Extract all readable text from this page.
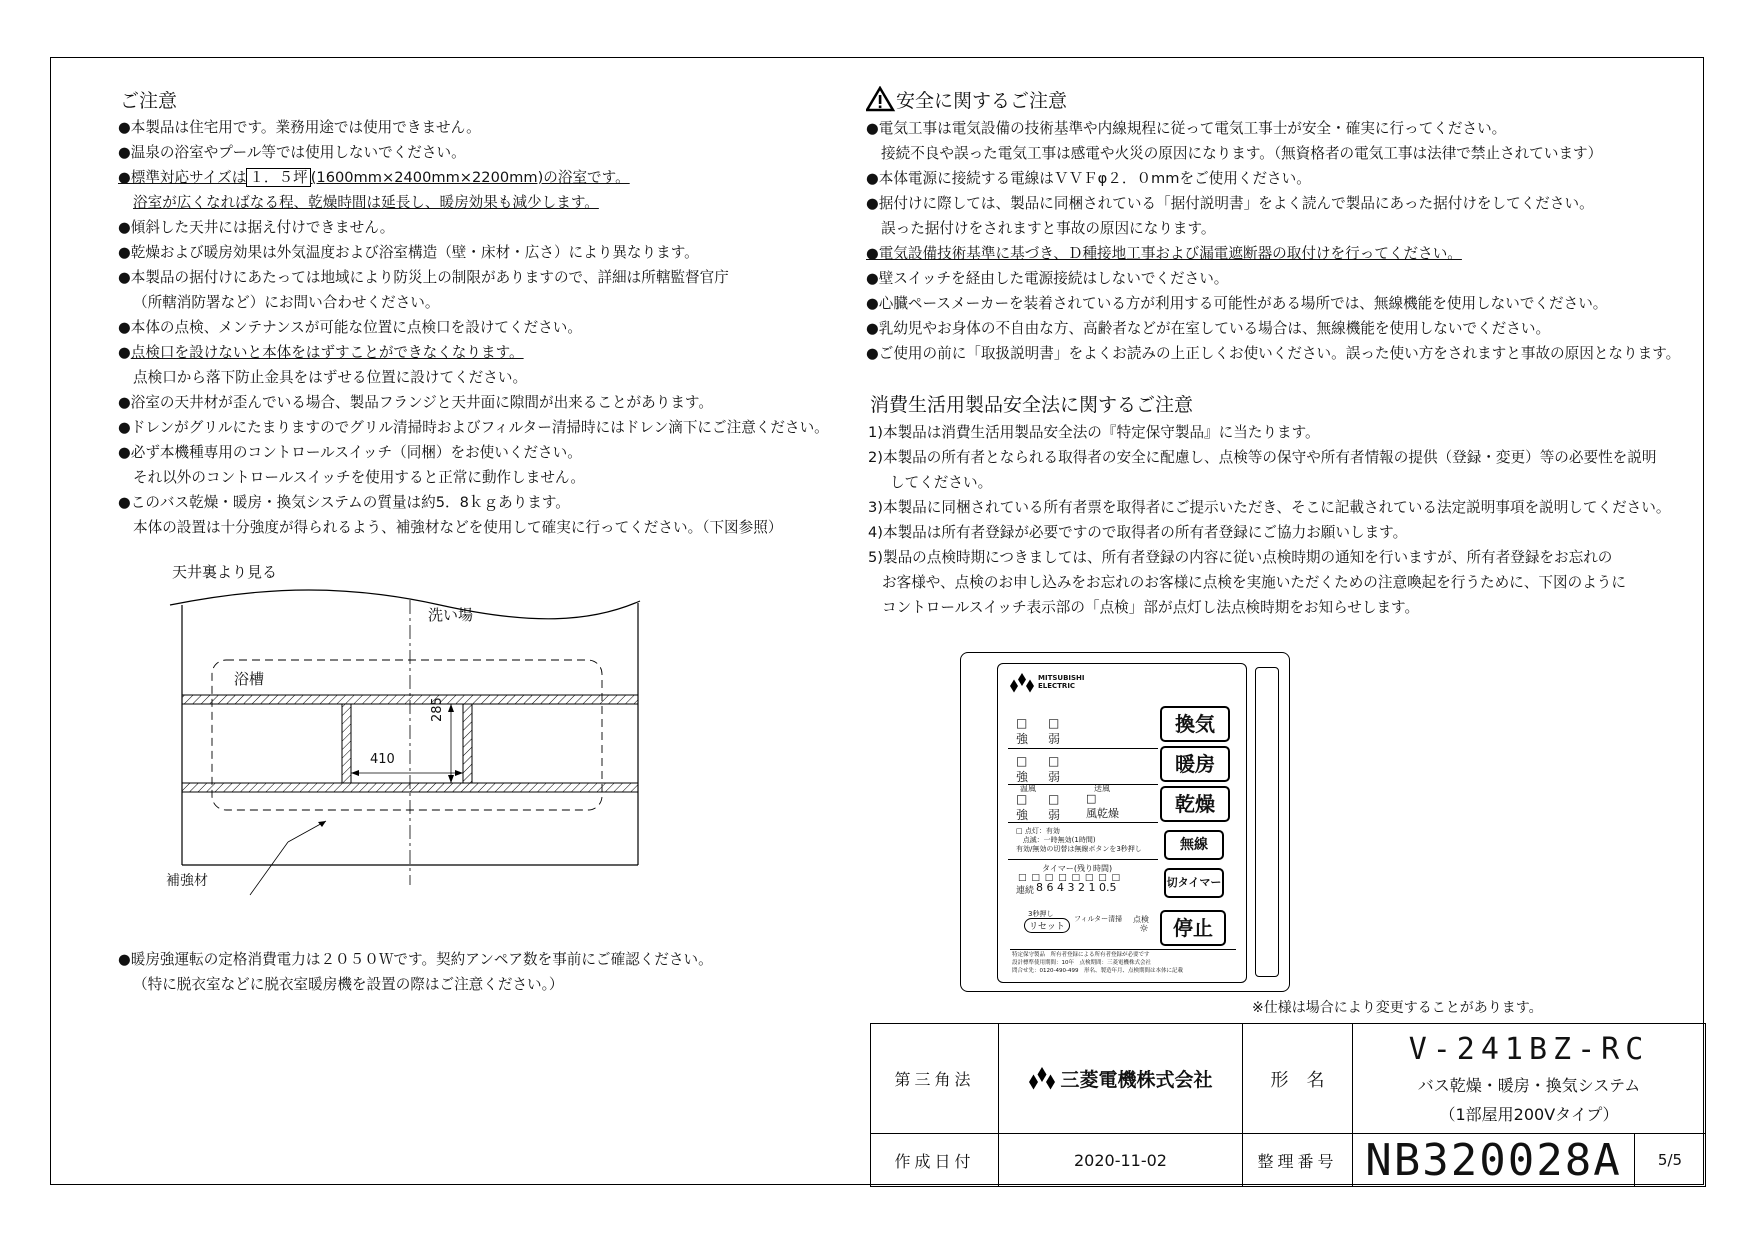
ご注意
●本製品は住宅用です。業務用途では使用できません。
●温泉の浴室やプール等では使用しないでください。
●標準対応サイズは １．５坪 (1600mm×2400mm×2200mm)の浴室です。
浴室が広くなればなる程、乾燥時間は延長し、暖房効果も減少します。
●傾斜した天井には据え付けできません。
●乾燥および暖房効果は外気温度および浴室構造（壁・床材・広さ）により異なります。
●本製品の据付けにあたっては地域により防災上の制限がありますので、詳細は所轄監督官庁
（所轄消防署など）にお問い合わせください。
●本体の点検、メンテナンスが可能な位置に点検口を設けてください。
●点検口を設けないと本体をはずすことができなくなります。
点検口から落下防止金具をはずせる位置に設けてください。
●浴室の天井材が歪んでいる場合、製品フランジと天井面に隙間が出来ることがあります。
●ドレンがグリルにたまりますのでグリル清掃時およびフィルター清掃時にはドレン滴下にご注意ください。
●必ず本機種専用のコントロールスイッチ（同梱）をお使いください。
それ以外のコントロールスイッチを使用すると正常に動作しません。
●このバス乾燥・暖房・換気システムの質量は約5．8ｋｇあります。
本体の設置は十分強度が得られるよう、補強材などを使用して確実に行ってください。（下図参照）
天井裏より見る
洗い場
浴槽
410
285
補強材
●暖房強運転の定格消費電力は２０５０Ｗです。契約アンペア数を事前にご確認ください。
（特に脱衣室などに脱衣室暖房機を設置の際はご注意ください。）
安全に関するご注意
●電気工事は電気設備の技術基準や内線規程に従って電気工事士が安全・確実に行ってください。
接続不良や誤った電気工事は感電や火災の原因になります。（無資格者の電気工事は法律で禁止されています）
●本体電源に接続する電線はＶＶＦφ２．０mmをご使用ください。
●据付けに際しては、製品に同梱されている「据付説明書」をよく読んで製品にあった据付けをしてください。
誤った据付けをされますと事故の原因になります。
●電気設備技術基準に基づき、Ｄ種接地工事および漏電遮断器の取付けを行ってください。
●壁スイッチを経由した電源接続はしないでください。
●心臓ペースメーカーを装着されている方が利用する可能性がある場所では、無線機能を使用しないでください。
●乳幼児やお身体の不自由な方、高齢者などが在室している場合は、無線機能を使用しないでください。
●ご使用の前に「取扱説明書」をよくお読みの上正しくお使いください。誤った使い方をされますと事故の原因となります。
消費生活用製品安全法に関するご注意
1)本製品は消費生活用製品安全法の『特定保守製品』に当たります。
2)本製品の所有者となられる取得者の安全に配慮し、点検等の保守や所有者情報の提供（登録・変更）等の必要性を説明
してください。
3)本製品に同梱されている所有者票を取得者にご提示いただき、そこに記載されている法定説明事項を説明してください。
4)本製品は所有者登録が必要ですので取得者の所有者登録にご協力お願いします。
5)製品の点検時期につきましては、所有者登録の内容に従い点検時期の通知を行いますが、所有者登録をお忘れの
お客様や、点検のお申し込みをお忘れのお客様に点検を実施いただくための注意喚起を行うために、下図のように
コントロールスイッチ表示部の「点検」部が点灯し法点検時期をお知らせします。
MITSUBISHI ELECTRIC
□
強
□
弱
□
強
□
弱
温風	送風
□
強
□
弱
□
風乾燥
□ 点灯：有効
点滅：一時無効(1時間)
有効/無効の切替は無線ボタンを3秒押し
タイマー(残り時間)
□ □ □ □ □ □ □ □
連続 8 6 4 3 2 1 0.5
3秒押し
リセット
フィルター清掃 点検
☼
換気
暖房
乾燥
無線
切タイマー
停止
特定保守製品　所有者登録による所有者登録が必要です
設計標準使用期間：10年　点検期間：三菱電機株式会社
問合せ先：0120-490-499　形名、製造年月、点検期間は本体に記載
※仕様は場合により変更することがあります。
第三角法	三菱電機株式会社	形　名
V-241BZ-RC
バス乾燥・暖房・換気システム
（1部屋用200Vタイプ）
作成日付	2020-11-02	整理番号 NB320028A	5/5
